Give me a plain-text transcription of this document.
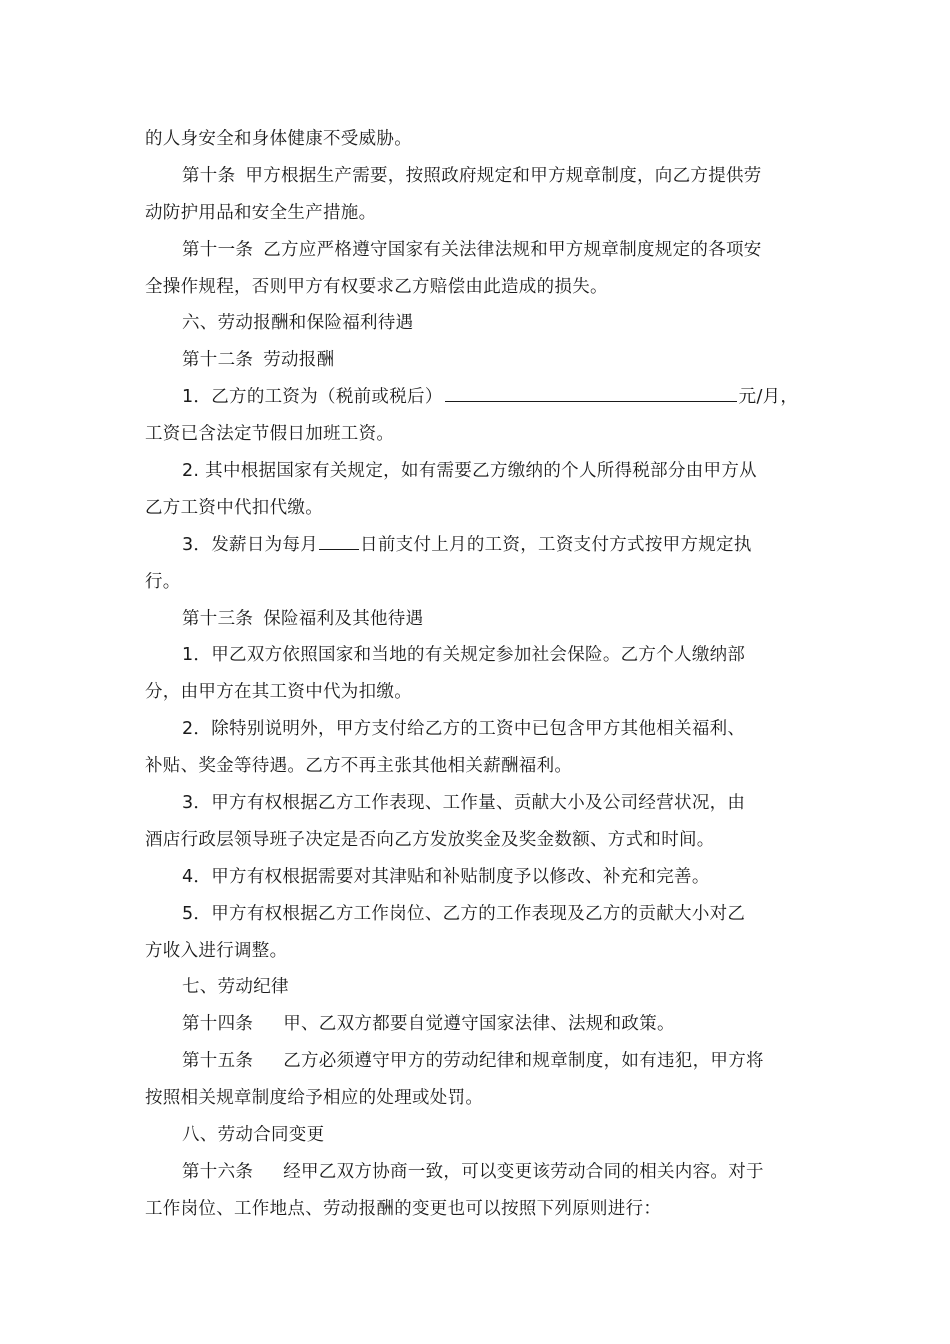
的人身安全和身体健康不受威胁。
第十条 甲方根据生产需要，按照政府规定和甲方规章制度，向乙方提供劳
动防护用品和安全生产措施。
第十一条 乙方应严格遵守国家有关法律法规和甲方规章制度规定的各项安
全操作规程，否则甲方有权要求乙方赔偿由此造成的损失。
六、劳动报酬和保险福利待遇
第十二条 劳动报酬
1．乙方的工资为（税前或税后）	元/月，
工资已含法定节假日加班工资。
2. 其中根据国家有关规定，如有需要乙方缴纳的个人所得税部分由甲方从
乙方工资中代扣代缴。
3．发薪日为每月 日前支付上月的工资，工资支付方式按甲方规定执
行。
第十三条 保险福利及其他待遇
1．甲乙双方依照国家和当地的有关规定参加社会保险。乙方个人缴纳部
分，由甲方在其工资中代为扣缴。
2．除特别说明外，甲方支付给乙方的工资中已包含甲方其他相关福利、
补贴、奖金等待遇。乙方不再主张其他相关薪酬福利。
3．甲方有权根据乙方工作表现、工作量、贡献大小及公司经营状况，由
酒店行政层领导班子决定是否向乙方发放奖金及奖金数额、方式和时间。
4．甲方有权根据需要对其津贴和补贴制度予以修改、补充和完善。
5．甲方有权根据乙方工作岗位、乙方的工作表现及乙方的贡献大小对乙
方收入进行调整。
七、劳动纪律
第十四条 甲、乙双方都要自觉遵守国家法律、法规和政策。
第十五条 乙方必须遵守甲方的劳动纪律和规章制度，如有违犯，甲方将
按照相关规章制度给予相应的处理或处罚。
八、劳动合同变更
第十六条 经甲乙双方协商一致，可以变更该劳动合同的相关内容。对于
工作岗位、工作地点、劳动报酬的变更也可以按照下列原则进行：
